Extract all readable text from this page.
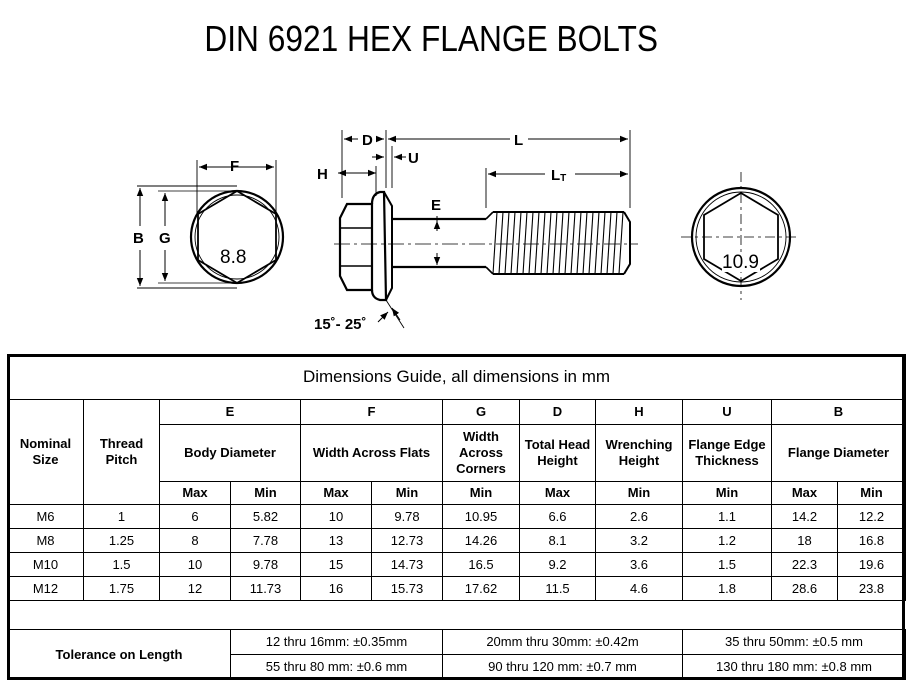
DIN 6921 HEX FLANGE BOLTS
F
B G
8.8
D	L
U
H	LT
E
15˚- 25˚
10.9
Dimensions Guide, all dimensions in mm											
Nominal Size	Thread Pitch	E		F		G	D	H	U	B	
		Body Diameter		Width Across Flats		Width Across Corners	Total Head Height	Wrenching Height	Flange Edge Thickness	Flange Diameter	
		Max	Min	Max	Min	Min	Max	Min	Min	Max	Min
M6	1	6	5.82	10	9.78	10.95	6.6	2.6	1.1	14.2	12.2
M8	1.25	8	7.78	13	12.73	14.26	8.1	3.2	1.2	18	16.8
M10	1.5	10	9.78	15	14.73	16.5	9.2	3.6	1.5	22.3	19.6
M12	1.75	12	11.73	16	15.73	17.62	11.5	4.6	1.8	28.6	23.8

Tolerance on Length			12 thru 16mm: ±0.35mm			20mm thru 30mm: ±0.42m			35 thru 50mm: ±0.5 mm		
			55 thru 80 mm: ±0.6 mm			90 thru 120 mm: ±0.7 mm			130 thru 180 mm: ±0.8 mm		
